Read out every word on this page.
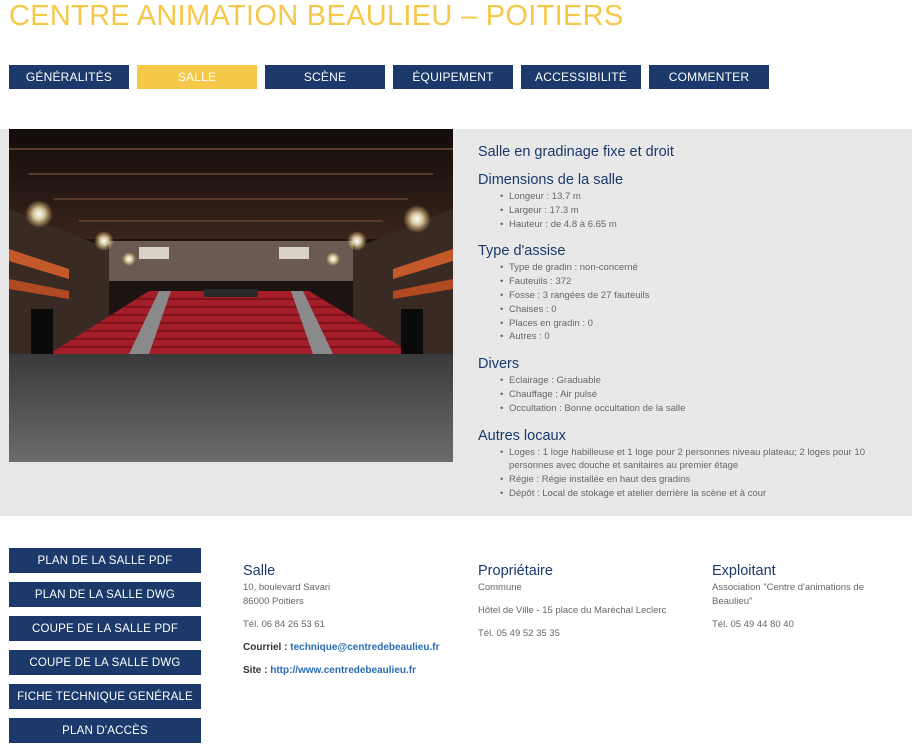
CENTRE ANIMATION BEAULIEU – POITIERS
GÉNÉRALITÉS	SALLE	SCÈNE	ÉQUIPEMENT	ACCESSIBILITÉ	COMMENTER
Salle en gradinage fixe et droit
Dimensions de la salle
• Longeur : 13.7 m
• Largeur : 17.3 m
• Hauteur : de 4.8 à 6.65 m
Type d'assise
• Type de gradin : non-concerné
• Fauteuils : 372
• Fosse : 3 rangées de 27 fauteuils
• Chaises : 0
• Places en gradin : 0
• Autres : 0
Divers
• Eclairage : Graduable
• Chauffage : Air pulsé
• Occultation : Bonne occultation de la salle
Autres locaux
• Loges : 1 loge habilleuse et 1 loge pour 2 personnes niveau plateau; 2 loges pour 10 personnes avec douche et sanitaires au premier étage
• Régie : Régie installée en haut des gradins
• Dépôt : Local de stokage et atelier derrière la scène et à cour
PLAN DE LA SALLE PDF
PLAN DE LA SALLE DWG
COUPE DE LA SALLE PDF
COUPE DE LA SALLE DWG
FICHE TECHNIQUE GENÉRALE
PLAN D'ACCÈS
Salle
10, boulevard Savari
86000 Poitiers
Tél. 06 84 26 53 61
Courriel : technique@centredebeaulieu.fr
Site : http://www.centredebeaulieu.fr
Propriétaire
Commune
Hôtel de Ville - 15 place du Maréchal Leclerc
Tél. 05 49 52 35 35
Exploitant
Association "Centre d'animations de Beaulieu"
Tél. 05 49 44 80 40
